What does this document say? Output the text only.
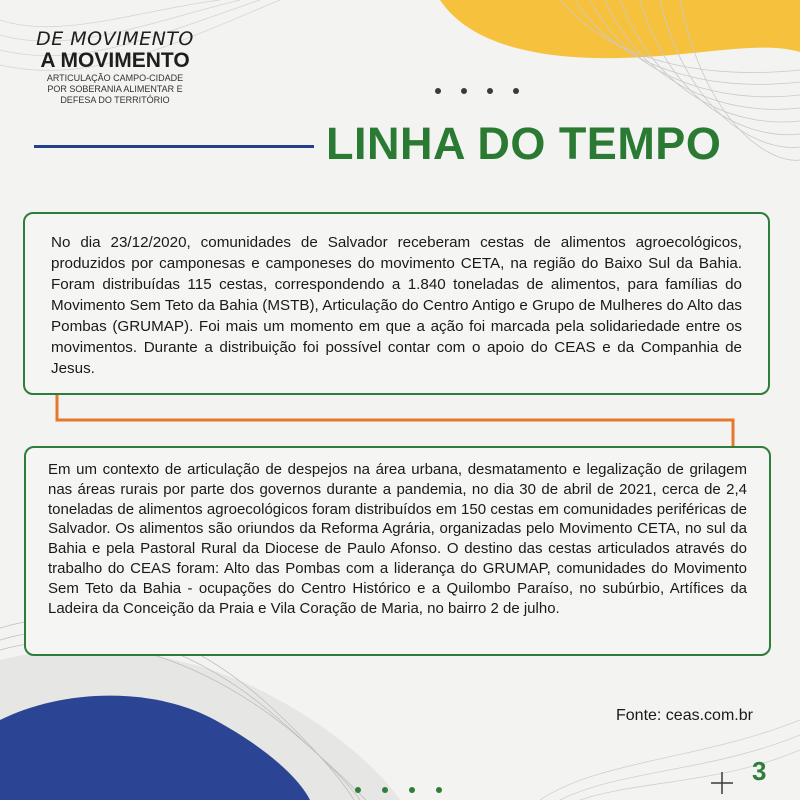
DE MOVIMENTO
A MOVIMENTO
ARTICULAÇÃO CAMPO-CIDADE
POR SOBERANIA ALIMENTAR E
DEFESA DO TERRITÓRIO
LINHA DO TEMPO
No dia 23/12/2020, comunidades de Salvador receberam cestas de alimentos agroecológicos, produzidos por camponesas e camponeses do movimento CETA, na região do Baixo Sul da Bahia. Foram distribuídas 115 cestas, correspondendo a 1.840 toneladas de alimentos, para famílias do Movimento Sem Teto da Bahia (MSTB), Articulação do Centro Antigo e Grupo de Mulheres do Alto das Pombas (GRUMAP). Foi mais um momento em que a ação foi marcada pela solidariedade entre os movimentos. Durante a distribuição foi possível contar com o apoio do CEAS e da Companhia de Jesus.
Em um contexto de articulação de despejos na área urbana, desmatamento e legalização de grilagem nas áreas rurais por parte dos governos durante a pandemia, no dia 30 de abril de 2021, cerca de 2,4 toneladas de alimentos agroecológicos foram distribuídos em 150 cestas em comunidades periféricas de Salvador. Os alimentos são oriundos da Reforma Agrária, organizadas pelo Movimento CETA, no sul da Bahia e pela Pastoral Rural da Diocese de Paulo Afonso. O destino das cestas articulados através do trabalho do CEAS foram: Alto das Pombas com a liderança do GRUMAP, comunidades do Movimento Sem Teto da Bahia - ocupações do Centro Histórico e a Quilombo Paraíso, no subúrbio, Artífices da Ladeira da Conceição da Praia e Vila Coração de Maria, no bairro 2 de julho.
Fonte: ceas.com.br
3
